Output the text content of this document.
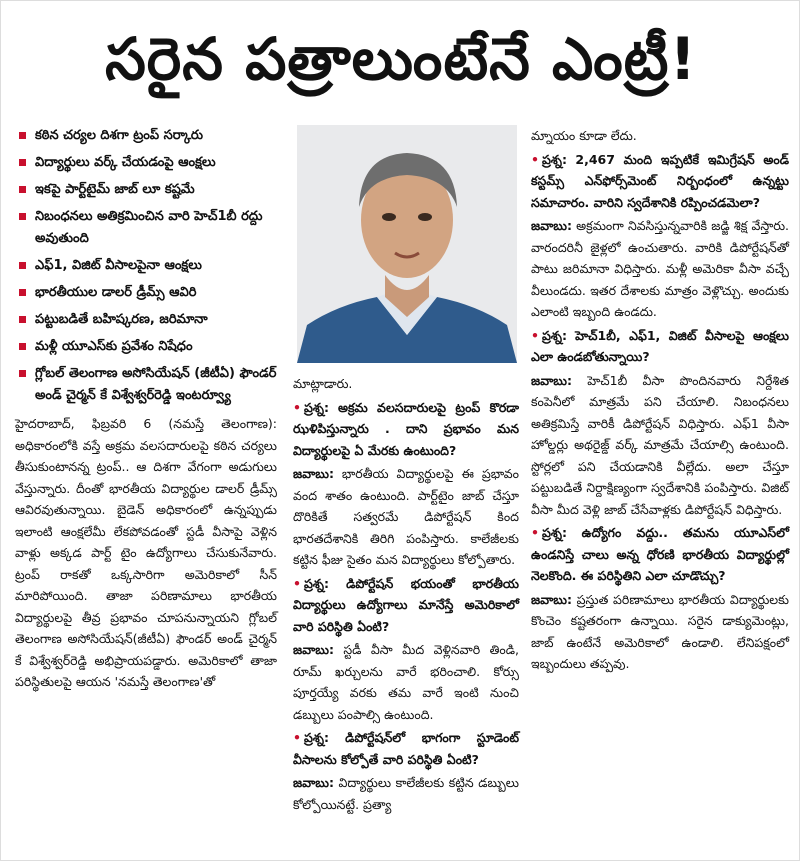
సరైన పత్రాలుంటేనే ఎంట్రీ!
కఠిన చర్యల దిశగా ట్రంప్ సర్కారు
విద్యార్థులు వర్క్ చేయడంపై ఆంక్షలు
ఇకపై పార్ట్‌టైమ్ జాబ్ లూ కష్టమే
నిబంధనలు అతిక్రమించిన వారి హెచ్1బీ రద్దు అవుతుంది
ఎఫ్1, విజిట్ వీసాలపైనా ఆంక్షలు
భారతీయుల డాలర్ డ్రీమ్స్ ఆవిరి
పట్టుబడితే బహిష్కరణ, జరిమానా
మళ్లీ యూఎస్‌కు ప్రవేశం నిషేధం
గ్లోబల్ తెలంగాణ అసోసియేషన్ (జీటీఏ) ఫౌండర్ అండ్ చైర్మన్ కే విశ్వేశ్వర్‌రెడ్డి ఇంటర్వ్యూ

హైదరాబాద్, ఫిబ్రవరి 6 (నమస్తే తెలంగాణ): అధికారంలోకి వస్తే అక్రమ వలసదారులపై కఠిన చర్యలు తీసుకుంటానన్న ట్రంప్.. ఆ దిశగా వేగంగా అడుగులు వేస్తున్నారు. దీంతో భారతీయ విద్యార్థుల డాలర్ డ్రీమ్స్ ఆవిరవుతున్నాయి. బైడెన్ అధికారంలో ఉన్నప్పుడు ఇలాంటి ఆంక్షలేమీ లేకపోవడంతో స్టడీ వీసాపై వెళ్లిన వాళ్లు అక్కడ పార్ట్ టైం ఉద్యోగాలు చేసుకునేవారు. ట్రంప్ రాకతో ఒక్కసారిగా అమెరికాలో సీన్ మారిపోయింది. తాజా పరిణామాలు భారతీయ విద్యార్థులపై తీవ్ర ప్రభావం చూపనున్నాయని గ్లోబల్ తెలంగాణ అసోసియేషన్(జీటీఏ) ఫౌండర్ అండ్ చైర్మన్ కే విశ్వేశ్వర్‌రెడ్డి అభిప్రాయపడ్డారు. అమెరికాలో తాజా పరిస్థితులపై ఆయన 'నమస్తే తెలంగాణ'తో

మాట్లాడారు.

• ప్రశ్న: అక్రమ వలసదారులపై ట్రంప్ కొరడా ఝళిపిస్తున్నారు . దాని ప్రభావం మన విద్యార్థులపై ఏ మేరకు ఉంటుంది?

జవాబు: భారతీయ విద్యార్థులపై ఈ ప్రభావం వంద శాతం ఉంటుంది. పార్ట్‌టైం జాబ్ చేస్తూ దొరికితే సత్వరమే డిపోర్టేషన్ కింద భారతదేశానికి తిరిగి పంపిస్తారు. కాలేజీలకు కట్టిన ఫీజు సైతం మన విద్యార్థులు కోల్పోతారు.

• ప్రశ్న: డిపోర్టేషన్ భయంతో భారతీయ విద్యార్థులు ఉద్యోగాలు మానేస్తే అమెరికాలో వారి పరిస్థితి ఏంటి?

జవాబు: స్టడీ వీసా మీద వెళ్లినవారి తిండి, రూమ్ ఖర్చులను వారే భరించాలి. కోర్సు పూర్తయ్యే వరకు తమ వారే ఇంటి నుంచి డబ్బులు పంపాల్సి ఉంటుంది.

• ప్రశ్న: డిపోర్టేషన్‌లో భాగంగా స్టూడెంట్ వీసాలను కోల్పోతే వారి పరిస్థితి ఏంటి?

జవాబు: విద్యార్థులు కాలేజీలకు కట్టిన డబ్బులు కోల్పోయినట్టే. ప్రత్యా

మ్నాయం కూడా లేదు.

• ప్రశ్న: 2,467 మంది ఇప్పటికే ఇమిగ్రేషన్ అండ్ కస్టమ్స్ ఎన్‌ఫోర్స్‌మెంట్ నిర్బంధంలో ఉన్నట్టు సమాచారం. వారిని స్వదేశానికి రప్పించడమెలా?

జవాబు: అక్రమంగా నివసిస్తున్నవారికి జడ్జి శిక్ష వేస్తారు. వారందరినీ జైళ్లలో ఉంచుతారు. వారికి డిపోర్టేషన్‌తో పాటు జరిమానా విధిస్తారు. మళ్లీ అమెరికా వీసా వచ్చే వీలుండదు. ఇతర దేశాలకు మాత్రం వెళ్లొచ్చు. అందుకు ఎలాంటి ఇబ్బంది ఉండదు.

• ప్రశ్న: హెచ్1బీ, ఎఫ్1, విజిట్ వీసాలపై ఆంక్షలు ఎలా ఉండబోతున్నాయి?

జవాబు: హెచ్1బీ వీసా పొందినవారు నిర్దేశిత కంపెనీలో మాత్రమే పని చేయాలి. నిబంధనలు అతిక్రమిస్తే వారికీ డిపోర్టేషన్ విధిస్తారు. ఎఫ్1 వీసా హోల్డర్లు అథరైజ్డ్ వర్క్ మాత్రమే చేయాల్సి ఉంటుంది. స్టోర్లలో పని చేయడానికి వీల్లేదు. అలా చేస్తూ పట్టుబడితే నిర్దాక్షిణ్యంగా స్వదేశానికి పంపిస్తారు. విజిట్ వీసా మీద వెళ్లి జాబ్ చేసేవాళ్లకు డిపోర్టేషన్ విధిస్తారు.

• ప్రశ్న: ఉద్యోగం వద్దు.. తమను యూఎస్‌లో ఉండనిస్తే చాలు అన్న ధోరణి భారతీయ విద్యార్థుల్లో నెలకొంది. ఈ పరిస్థితిని ఎలా చూడొచ్చు?

జవాబు: ప్రస్తుత పరిణామాలు భారతీయ విద్యార్థులకు కొంచెం కష్టతరంగా ఉన్నాయి. సరైన డాక్యుమెంట్లు, జాబ్ ఉంటేనే అమెరికాలో ఉండాలి. లేనిపక్షంలో ఇబ్బందులు తప్పవు.
